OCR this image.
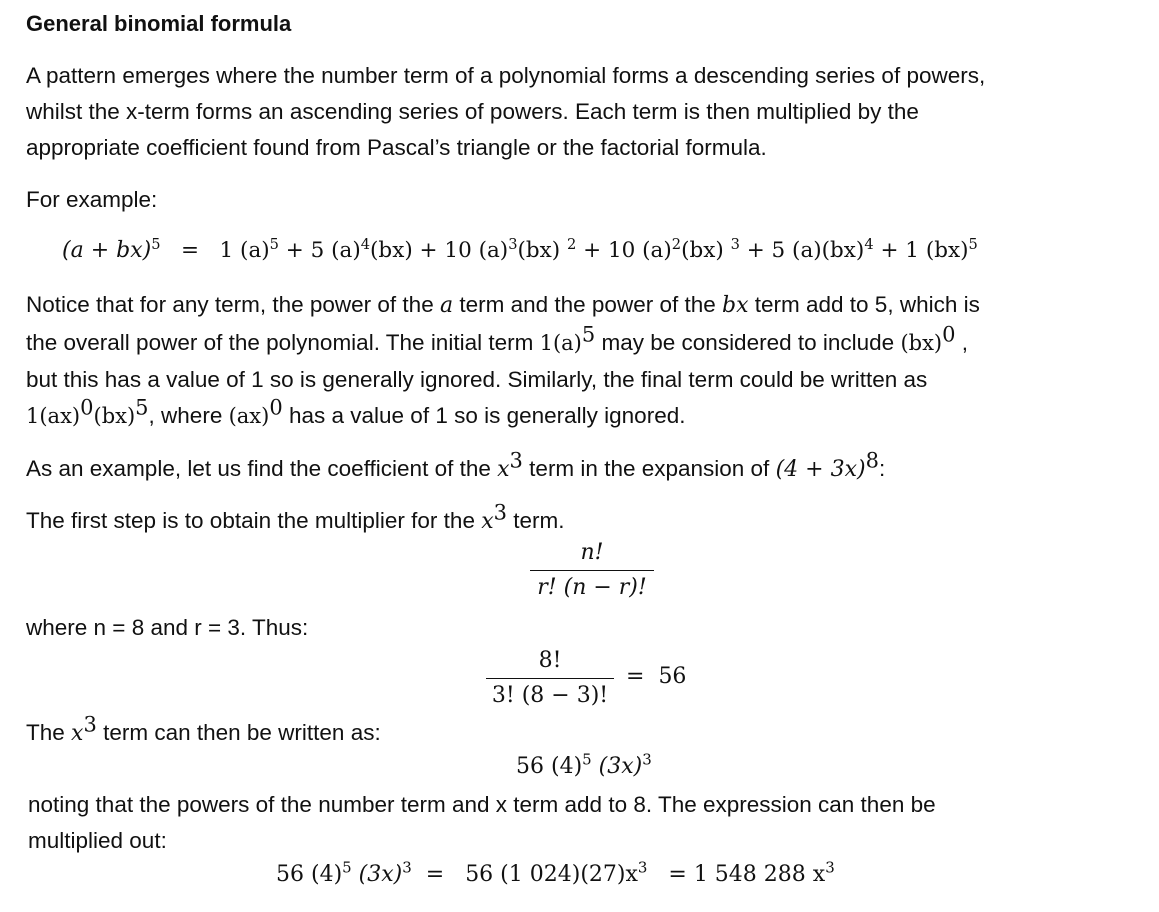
General binomial formula

A pattern emerges where the number term of a polynomial forms a descending series of powers,

whilst the x-term forms an ascending series of powers. Each term is then multiplied by the

appropriate coefficient found from Pascal’s triangle or the factorial formula.

For example:

(a + bx)$^5$ = 1 $(a)^5 + 5$ $(a)^4(bx) + 10$ $(a)^3(bx) ^2 + 10$ $(a)^2(bx) ^3 + 5$ (a)(bx)$^4$ + 1 (bx)$^5$

Notice that for any term, the power of the a term and the power of the bx term add to 5, which is

the overall power of the polynomial. The initial term $1(a)^5$ may be considered to include (bx)$^0$ ,

but this has a value of 1 so is generally ignored. Similarly, the final term could be written as

1(ax)$^0$(bx)$^5$, where (ax)$^0$ has a value of 1 so is generally ignored.

As an example, let us find the coefficient of the $x^3$ term in the expansion of $(4 + 3x)^8$:

The first step is to obtain the multiplier for the $x^3$ term.

n!
r! (n − r)!

where n = 8 and r = 3. Thus:

8!
3! (8 − 3)!
= 56

The $x^3$ term can then be written as:

56 $(4)^5$ $(3x)^3$

noting that the powers of the number term and x term add to 8. The expression can then be

multiplied out:

56 $(4)^5$ $(3x)^3 = 56$ (1 $024)(27)x^3 = 1$ 548 288 $x^3$
